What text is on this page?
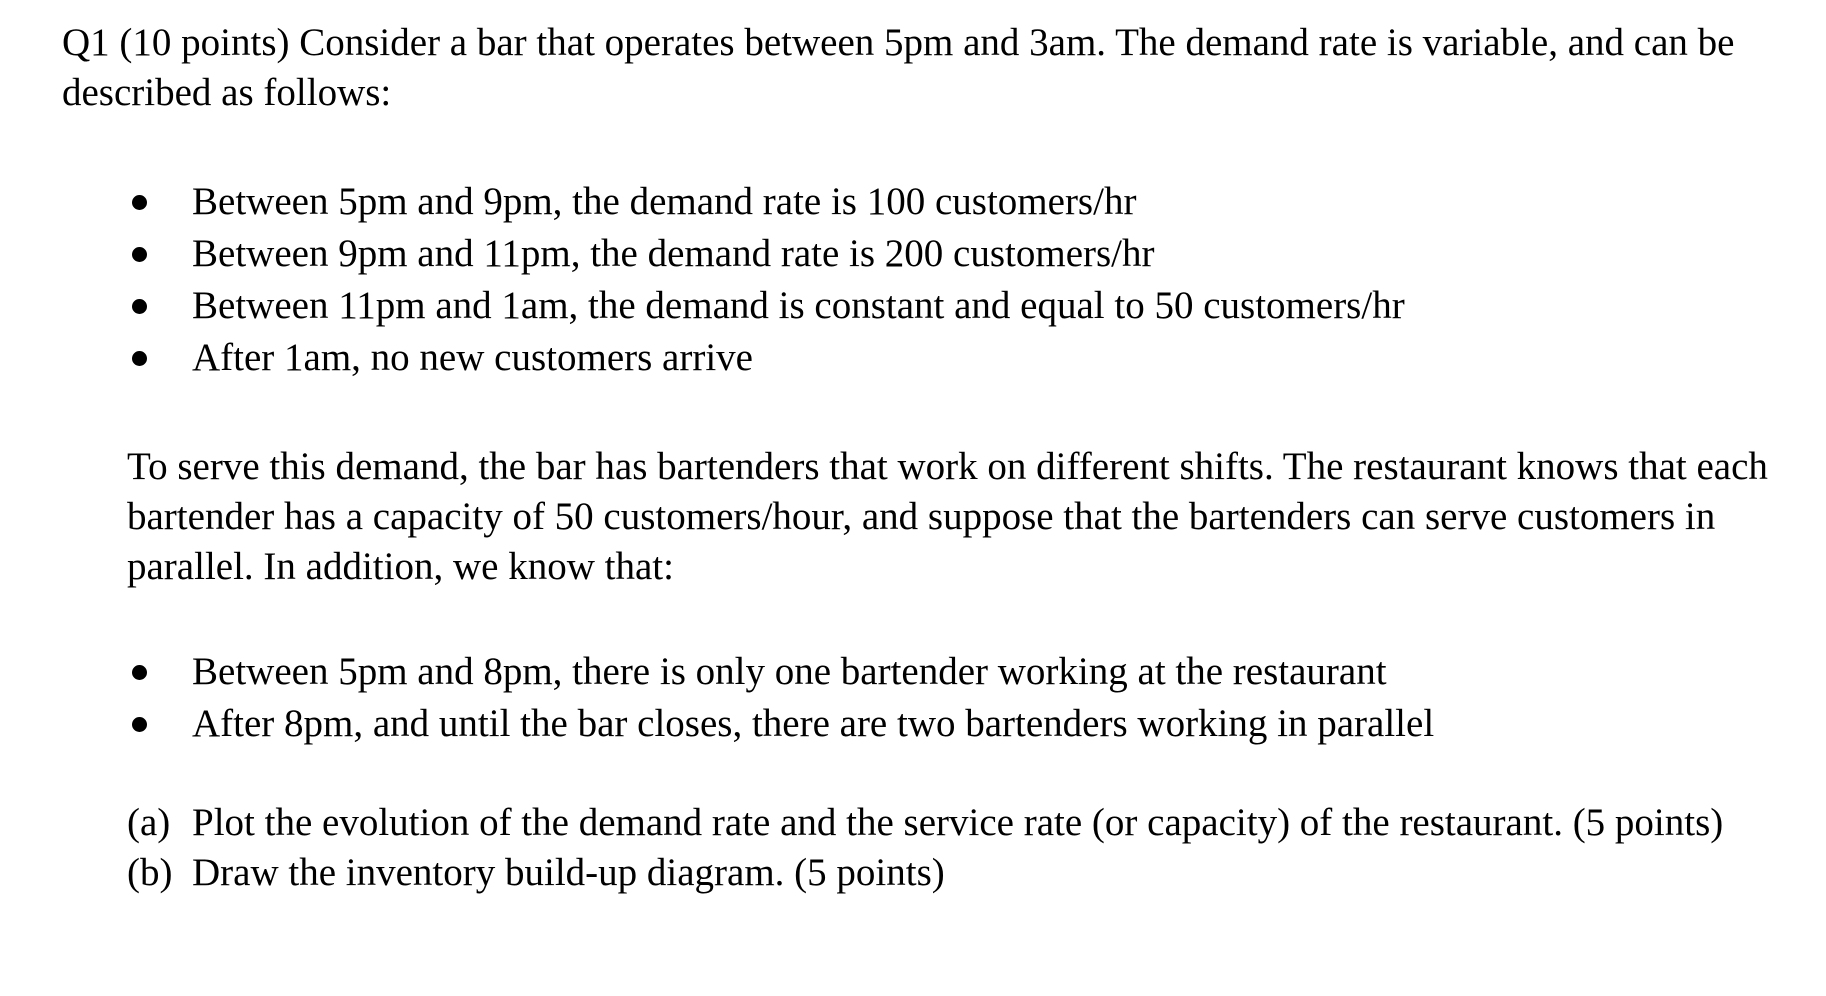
Q1 (10 points) Consider a bar that operates between 5pm and 3am. The demand rate is variable, and can be described as follows:

Between 5pm and 9pm, the demand rate is 100 customers/hr
Between 9pm and 11pm, the demand rate is 200 customers/hr
Between 11pm and 1am, the demand is constant and equal to 50 customers/hr
After 1am, no new customers arrive

To serve this demand, the bar has bartenders that work on different shifts. The restaurant knows that each bartender has a capacity of 50 customers/hour, and suppose that the bartenders can serve customers in parallel. In addition, we know that:

Between 5pm and 8pm, there is only one bartender working at the restaurant
After 8pm, and until the bar closes, there are two bartenders working in parallel
(a) Plot the evolution of the demand rate and the service rate (or capacity) of the restaurant. (5 points)
(b) Draw the inventory build-up diagram. (5 points)
